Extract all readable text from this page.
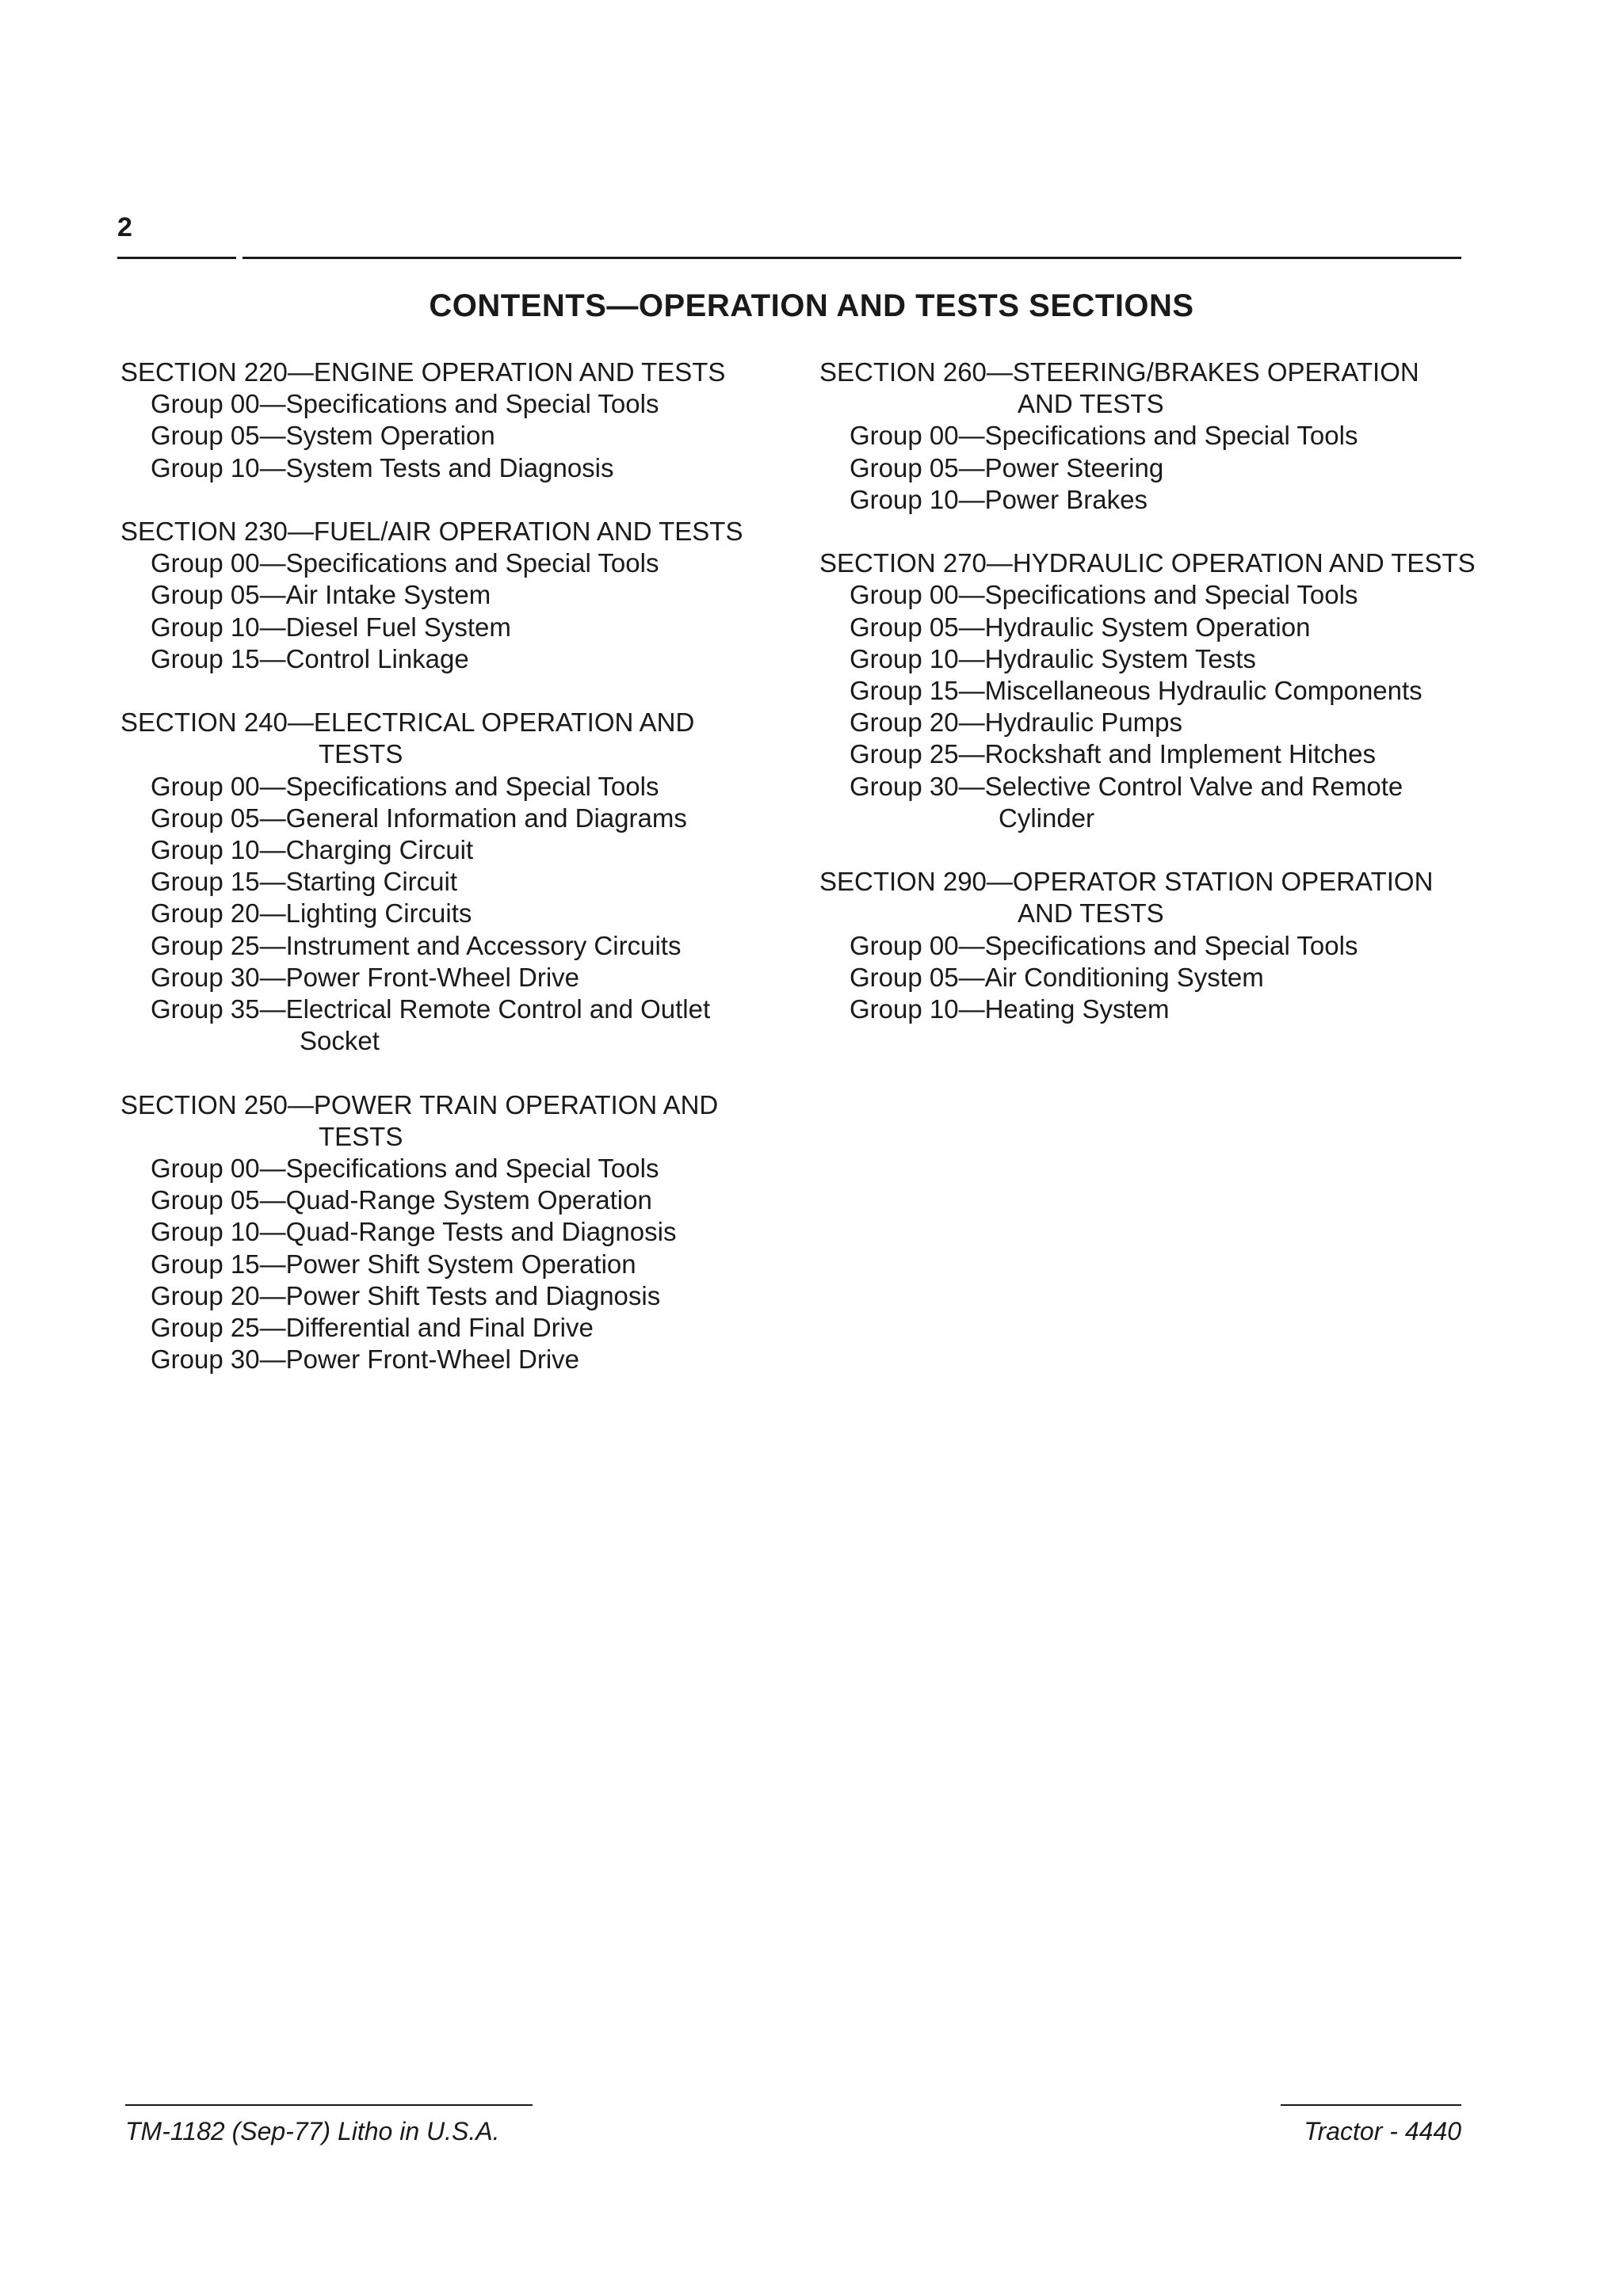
2
CONTENTS—OPERATION AND TESTS SECTIONS
SECTION 220—ENGINE OPERATION AND TESTS
Group 00—Specifications and Special Tools
Group 05—System Operation
Group 10—System Tests and Diagnosis
SECTION 230—FUEL/AIR OPERATION AND TESTS
Group 00—Specifications and Special Tools
Group 05—Air Intake System
Group 10—Diesel Fuel System
Group 15—Control Linkage
SECTION 240—ELECTRICAL OPERATION AND TESTS
Group 00—Specifications and Special Tools
Group 05—General Information and Diagrams
Group 10—Charging Circuit
Group 15—Starting Circuit
Group 20—Lighting Circuits
Group 25—Instrument and Accessory Circuits
Group 30—Power Front-Wheel Drive
Group 35—Electrical Remote Control and Outlet Socket
SECTION 250—POWER TRAIN OPERATION AND TESTS
Group 00—Specifications and Special Tools
Group 05—Quad-Range System Operation
Group 10—Quad-Range Tests and Diagnosis
Group 15—Power Shift System Operation
Group 20—Power Shift Tests and Diagnosis
Group 25—Differential and Final Drive
Group 30—Power Front-Wheel Drive
SECTION 260—STEERING/BRAKES OPERATION AND TESTS
Group 00—Specifications and Special Tools
Group 05—Power Steering
Group 10—Power Brakes
SECTION 270—HYDRAULIC OPERATION AND TESTS
Group 00—Specifications and Special Tools
Group 05—Hydraulic System Operation
Group 10—Hydraulic System Tests
Group 15—Miscellaneous Hydraulic Components
Group 20—Hydraulic Pumps
Group 25—Rockshaft and Implement Hitches
Group 30—Selective Control Valve and Remote Cylinder
SECTION 290—OPERATOR STATION OPERATION AND TESTS
Group 00—Specifications and Special Tools
Group 05—Air Conditioning System
Group 10—Heating System
TM-1182 (Sep-77) Litho in U.S.A.	Tractor - 4440
